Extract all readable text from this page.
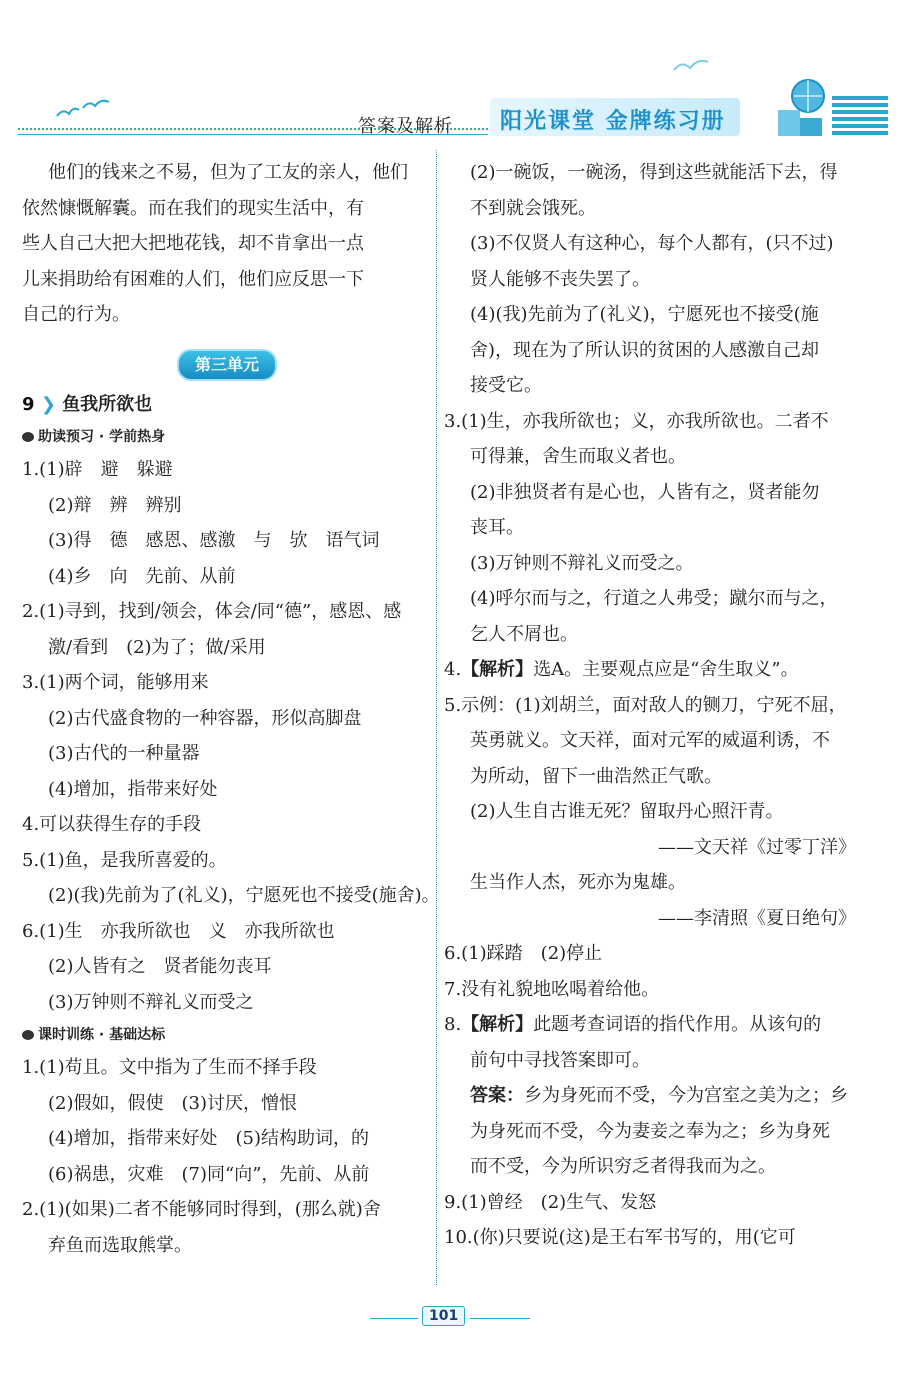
答案及解析 阳光课堂 金牌练习册
他们的钱来之不易，但为了工友的亲人，他们
依然慷慨解囊。而在我们的现实生活中，有
些人自己大把大把地花钱，却不肯拿出一点
儿来捐助给有困难的人们，他们应反思一下
自己的行为。
第三单元
9 ❯ 鱼我所欲也
助读预习 · 学前热身
1.(1)辟　避　躲避
(2)辩　辨　辨别
(3)得　德　感恩、感激　与　欤　语气词
(4)乡　向　先前、从前
2.(1)寻到，找到/领会，体会/同“德”，感恩、感
激/看到　(2)为了；做/采用
3.(1)两个词，能够用来
(2)古代盛食物的一种容器，形似高脚盘
(3)古代的一种量器
(4)增加，指带来好处
4.可以获得生存的手段
5.(1)鱼，是我所喜爱的。
(2)(我)先前为了(礼义)，宁愿死也不接受(施舍)。
6.(1)生　亦我所欲也　义　亦我所欲也
(2)人皆有之　贤者能勿丧耳
(3)万钟则不辩礼义而受之
课时训练 · 基础达标
1.(1)苟且。文中指为了生而不择手段
(2)假如，假使　(3)讨厌，憎恨
(4)增加，指带来好处　(5)结构助词，的
(6)祸患，灾难　(7)同“向”，先前、从前
2.(1)(如果)二者不能够同时得到，(那么就)舍
弃鱼而选取熊掌。
(2)一碗饭，一碗汤，得到这些就能活下去，得
不到就会饿死。
(3)不仅贤人有这种心，每个人都有，(只不过)
贤人能够不丧失罢了。
(4)(我)先前为了(礼义)，宁愿死也不接受(施
舍)，现在为了所认识的贫困的人感激自己却
接受它。
3.(1)生，亦我所欲也；义，亦我所欲也。二者不
可得兼，舍生而取义者也。
(2)非独贤者有是心也，人皆有之，贤者能勿
丧耳。
(3)万钟则不辩礼义而受之。
(4)呼尔而与之，行道之人弗受；蹴尔而与之，
乞人不屑也。
4.【解析】选A。主要观点应是“舍生取义”。
5.示例：(1)刘胡兰，面对敌人的铡刀，宁死不屈，
英勇就义。文天祥，面对元军的威逼利诱，不
为所动，留下一曲浩然正气歌。
(2)人生自古谁无死？留取丹心照汗青。
——文天祥《过零丁洋》
生当作人杰，死亦为鬼雄。
——李清照《夏日绝句》
6.(1)踩踏　(2)停止
7.没有礼貌地吆喝着给他。
8.【解析】此题考查词语的指代作用。从该句的
前句中寻找答案即可。
答案：乡为身死而不受，今为宫室之美为之；乡
为身死而不受，今为妻妾之奉为之；乡为身死
而不受，今为所识穷乏者得我而为之。
9.(1)曾经　(2)生气、发怒
10.(你)只要说(这)是王右军书写的，用(它可
101
